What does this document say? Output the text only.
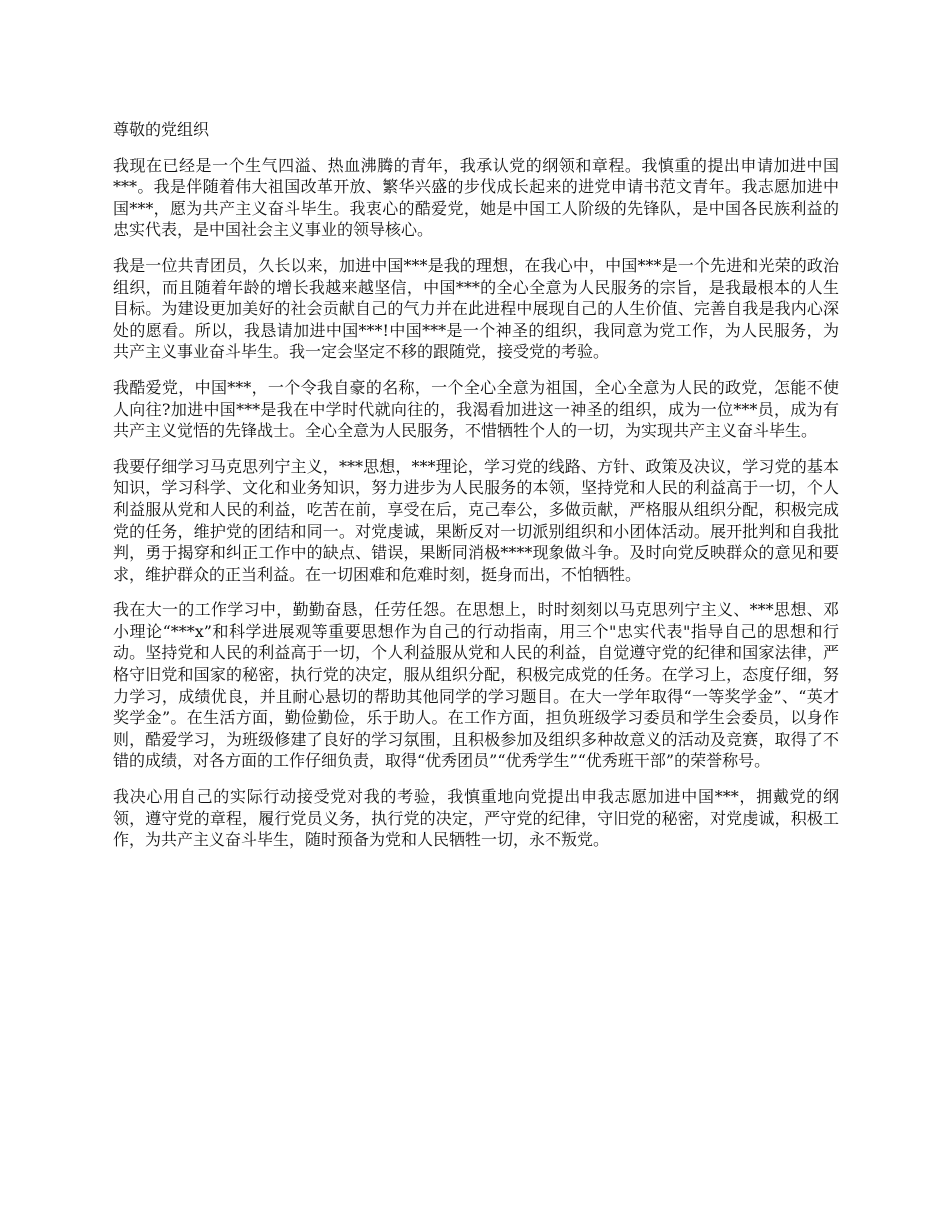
尊敬的党组织

我现在已经是一个生气四溢、热血沸腾的青年，我承认党的纲领和章程。我慎重的提出申请加进中国***。我是伴随着伟大祖国改革开放、繁华兴盛的步伐成长起来的进党申请书范文青年。我志愿加进中国***，愿为共产主义奋斗毕生。我衷心的酷爱党，她是中国工人阶级的先锋队，是中国各民族利益的忠实代表，是中国社会主义事业的领导核心。

我是一位共青团员，久长以来，加进中国***是我的理想，在我心中，中国***是一个先进和光荣的政治组织，而且随着年龄的增长我越来越坚信，中国***的全心全意为人民服务的宗旨，是我最根本的人生目标。为建设更加美好的社会贡献自己的气力并在此进程中展现自己的人生价值、完善自我是我内心深处的愿看。所以，我恳请加进中国***!中国***是一个神圣的组织，我同意为党工作，为人民服务，为共产主义事业奋斗毕生。我一定会坚定不移的跟随党，接受党的考验。

我酷爱党，中国***，一个令我自豪的名称，一个全心全意为祖国，全心全意为人民的政党，怎能不使人向往?加进中国***是我在中学时代就向往的，我渴看加进这一神圣的组织，成为一位***员，成为有共产主义觉悟的先锋战士。全心全意为人民服务，不惜牺牲个人的一切，为实现共产主义奋斗毕生。

我要仔细学习马克思列宁主义，***思想，***理论，学习党的线路、方针、政策及决议，学习党的基本知识，学习科学、文化和业务知识，努力进步为人民服务的本领，坚持党和人民的利益高于一切，个人利益服从党和人民的利益，吃苦在前，享受在后，克己奉公，多做贡献，严格服从组织分配，积极完成党的任务，维护党的团结和同一。对党虔诚，果断反对一切派别组织和小团体活动。展开批判和自我批判，勇于揭穿和纠正工作中的缺点、错误，果断同消极****现象做斗争。及时向党反映群众的意见和要求，维护群众的正当利益。在一切困难和危难时刻，挺身而出，不怕牺牲。

我在大一的工作学习中，勤勤奋恳，任劳任怨。在思想上，时时刻刻以马克思列宁主义、***思想、邓小理论“***x”和科学进展观等重要思想作为自己的行动指南，用三个"忠实代表"指导自己的思想和行动。坚持党和人民的利益高于一切，个人利益服从党和人民的利益，自觉遵守党的纪律和国家法律，严格守旧党和国家的秘密，执行党的决定，服从组织分配，积极完成党的任务。在学习上，态度仔细，努力学习，成绩优良，并且耐心悬切的帮助其他同学的学习题目。在大一学年取得“一等奖学金”、“英才奖学金”。在生活方面，勤俭勤俭，乐于助人。在工作方面，担负班级学习委员和学生会委员，以身作则，酷爱学习，为班级修建了良好的学习氛围，且积极参加及组织多种故意义的活动及竞赛，取得了不错的成绩，对各方面的工作仔细负责，取得“优秀团员”“优秀学生”“优秀班干部”的荣誉称号。

我决心用自己的实际行动接受党对我的考验，我慎重地向党提出申我志愿加进中国***，拥戴党的纲领，遵守党的章程，履行党员义务，执行党的决定，严守党的纪律，守旧党的秘密，对党虔诚，积极工作，为共产主义奋斗毕生，随时预备为党和人民牺牲一切，永不叛党。
